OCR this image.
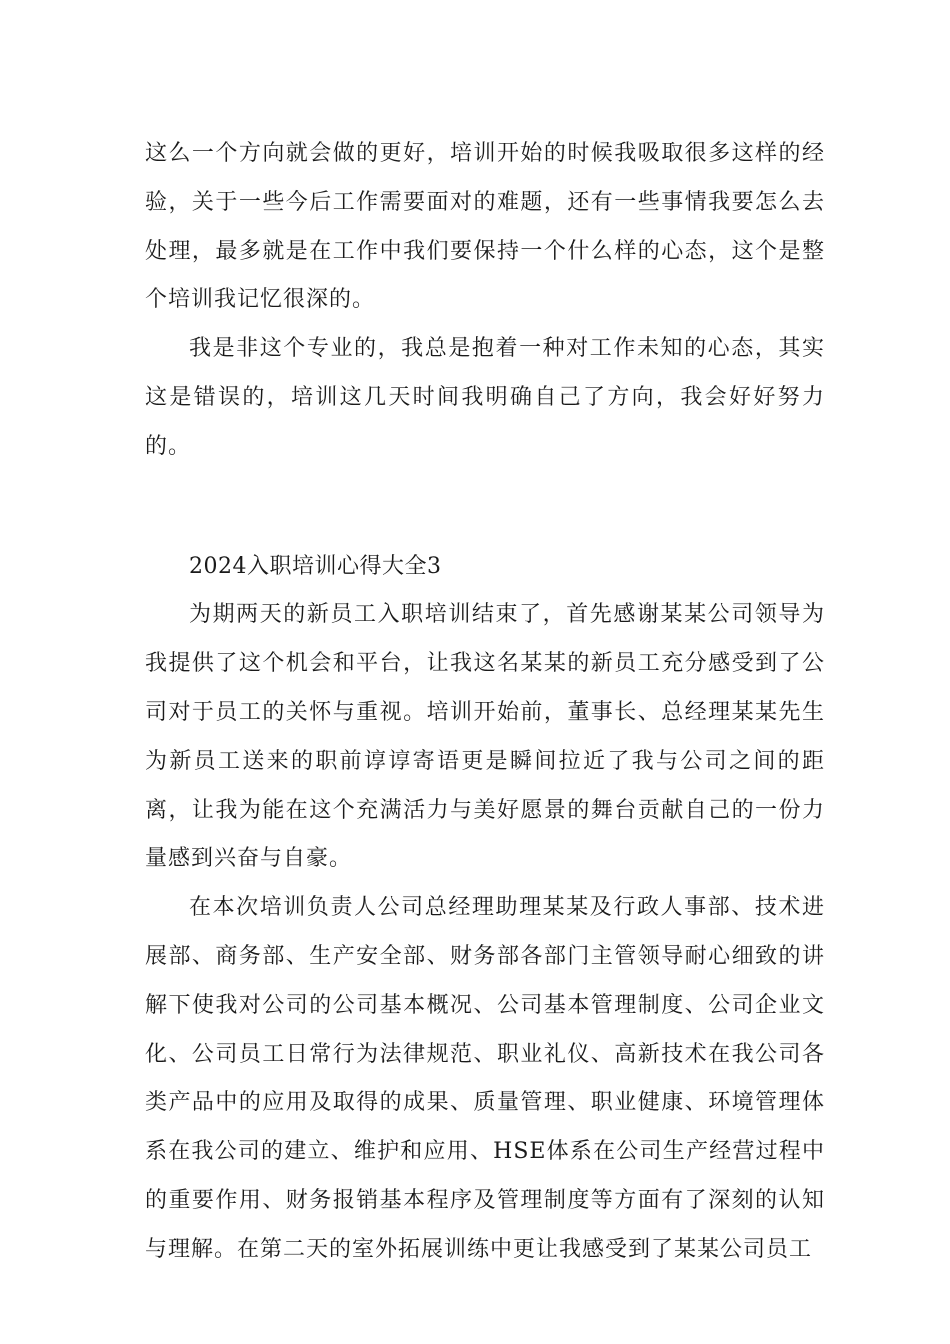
这么一个方向就会做的更好，培训开始的时候我吸取很多这样的经验，关于一些今后工作需要面对的难题，还有一些事情我要怎么去处理，最多就是在工作中我们要保持一个什么样的心态，这个是整个培训我记忆很深的。

我是非这个专业的，我总是抱着一种对工作未知的心态，其实这是错误的，培训这几天时间我明确自己了方向，我会好好努力的。

2024入职培训心得大全3

为期两天的新员工入职培训结束了，首先感谢某某公司领导为我提供了这个机会和平台，让我这名某某的新员工充分感受到了公司对于员工的关怀与重视。培训开始前，董事长、总经理某某先生为新员工送来的职前谆谆寄语更是瞬间拉近了我与公司之间的距离，让我为能在这个充满活力与美好愿景的舞台贡献自己的一份力量感到兴奋与自豪。

在本次培训负责人公司总经理助理某某及行政人事部、技术进展部、商务部、生产安全部、财务部各部门主管领导耐心细致的讲解下使我对公司的公司基本概况、公司基本管理制度、公司企业文化、公司员工日常行为法律规范、职业礼仪、高新技术在我公司各类产品中的应用及取得的成果、质量管理、职业健康、环境管理体系在我公司的建立、维护和应用、HSE体系在公司生产经营过程中的重要作用、财务报销基本程序及管理制度等方面有了深刻的认知与理解。在第二天的室外拓展训练中更让我感受到了某某公司员工
